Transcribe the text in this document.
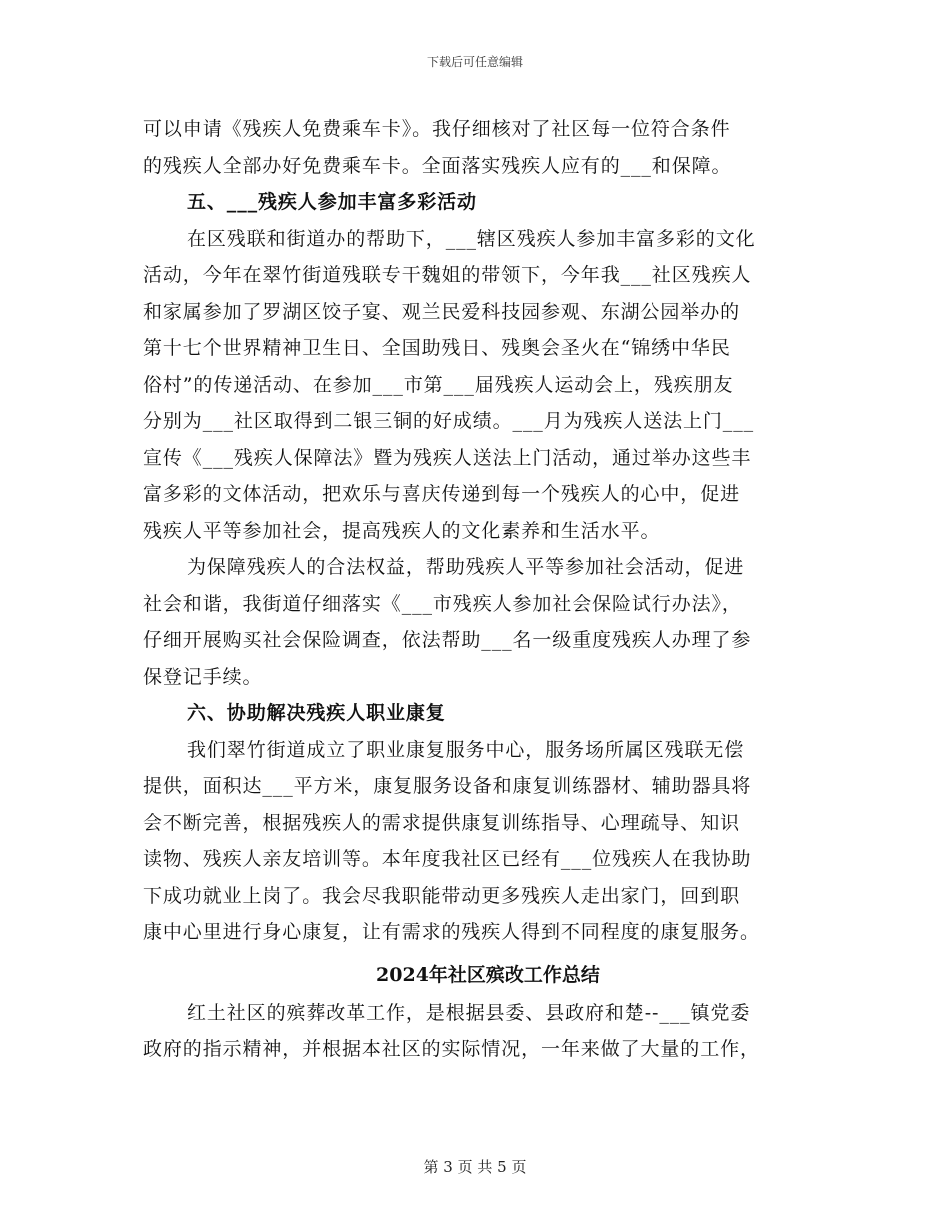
下载后可任意编辑
可以申请《残疾人免费乘车卡》。我仔细核对了社区每一位符合条件
的残疾人全部办好免费乘车卡。全面落实残疾人应有的___和保障。
五、___残疾人参加丰富多彩活动
在区残联和街道办的帮助下，___辖区残疾人参加丰富多彩的文化
活动，今年在翠竹街道残联专干魏姐的带领下，今年我___社区残疾人
和家属参加了罗湖区饺子宴、观兰民爱科技园参观、东湖公园举办的
第十七个世界精神卫生日、全国助残日、残奥会圣火在“锦绣中华民
俗村”的传递活动、在参加___市第___届残疾人运动会上，残疾朋友
分别为___社区取得到二银三铜的好成绩。___月为残疾人送法上门___
宣传《___残疾人保障法》暨为残疾人送法上门活动，通过举办这些丰
富多彩的文体活动，把欢乐与喜庆传递到每一个残疾人的心中，促进
残疾人平等参加社会，提高残疾人的文化素养和生活水平。
为保障残疾人的合法权益，帮助残疾人平等参加社会活动，促进
社会和谐，我街道仔细落实《___市残疾人参加社会保险试行办法》，
仔细开展购买社会保险调查，依法帮助___名一级重度残疾人办理了参
保登记手续。
六、协助解决残疾人职业康复
我们翠竹街道成立了职业康复服务中心，服务场所属区残联无偿
提供，面积达___平方米，康复服务设备和康复训练器材、辅助器具将
会不断完善，根据残疾人的需求提供康复训练指导、心理疏导、知识
读物、残疾人亲友培训等。本年度我社区已经有___位残疾人在我协助
下成功就业上岗了。我会尽我职能带动更多残疾人走出家门，回到职
康中心里进行身心康复，让有需求的残疾人得到不同程度的康复服务。
2024年社区殡改工作总结
红土社区的殡葬改革工作，是根据县委、县政府和楚--___镇党委
政府的指示精神，并根据本社区的实际情况，一年来做了大量的工作，
第 3 页 共 5 页
